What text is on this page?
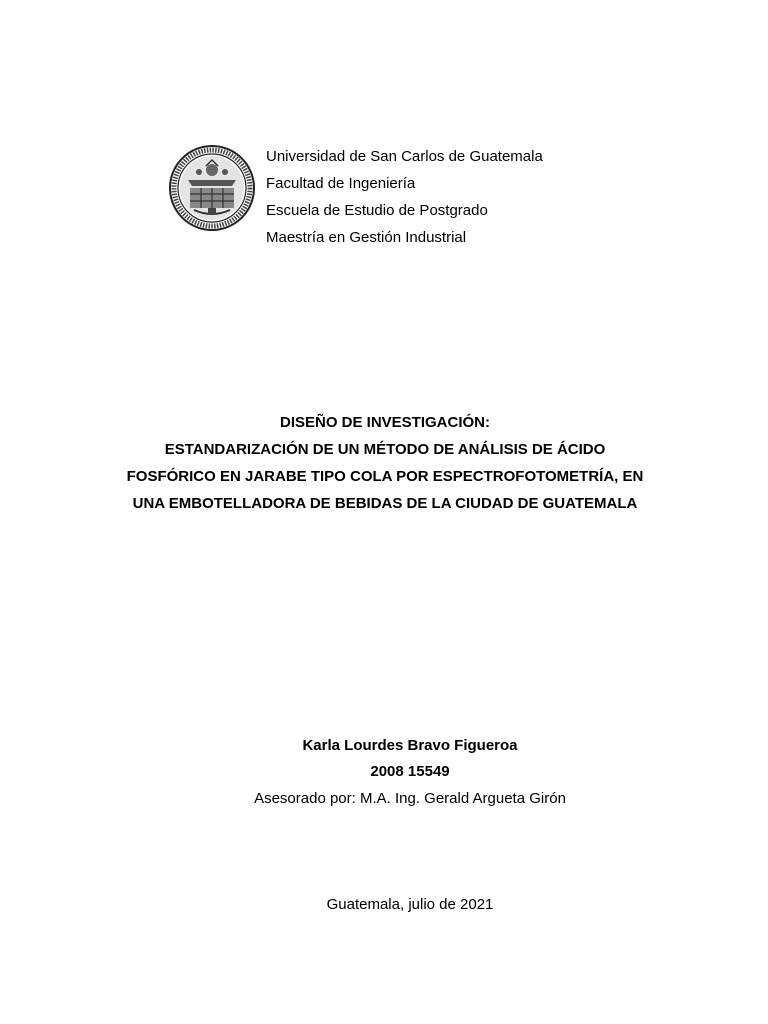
Universidad de San Carlos de Guatemala
Facultad de Ingeniería
Escuela de Estudio de Postgrado
Maestría en Gestión Industrial
DISEÑO DE INVESTIGACIÓN:
ESTANDARIZACIÓN DE UN MÉTODO DE ANÁLISIS DE ÁCIDO
FOSFÓRICO EN JARABE TIPO COLA POR ESPECTROFOTOMETRÍA, EN
UNA EMBOTELLADORA DE BEBIDAS DE LA CIUDAD DE GUATEMALA
Karla Lourdes Bravo Figueroa
2008 15549
Asesorado por: M.A. Ing. Gerald Argueta Girón
Guatemala, julio de 2021
